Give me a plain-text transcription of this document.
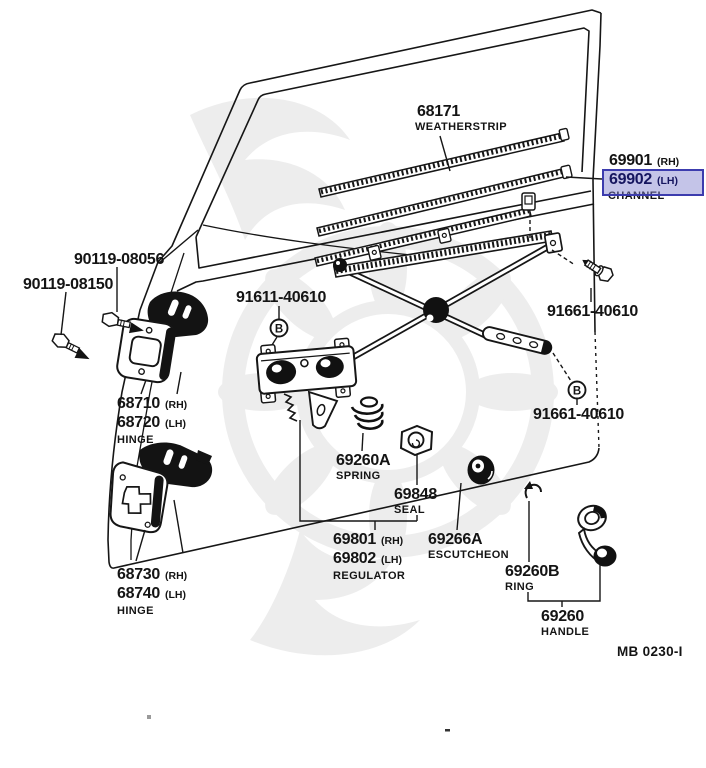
B
B
68171
WEATHERSTRIP
69901 (RH)
69902 (LH)
CHANNEL
90119-08056
90119-08150
91611-40610
91661-40610
91661-40610
68710 (RH)
68720 (LH)
HINGE
68730 (RH)
68740 (LH)
HINGE
69260A
SPRING
69848
SEAL
69801 (RH)
69802 (LH)
REGULATOR
69266A
ESCUTCHEON
69260B
RING
69260
HANDLE
MB 0230-I
